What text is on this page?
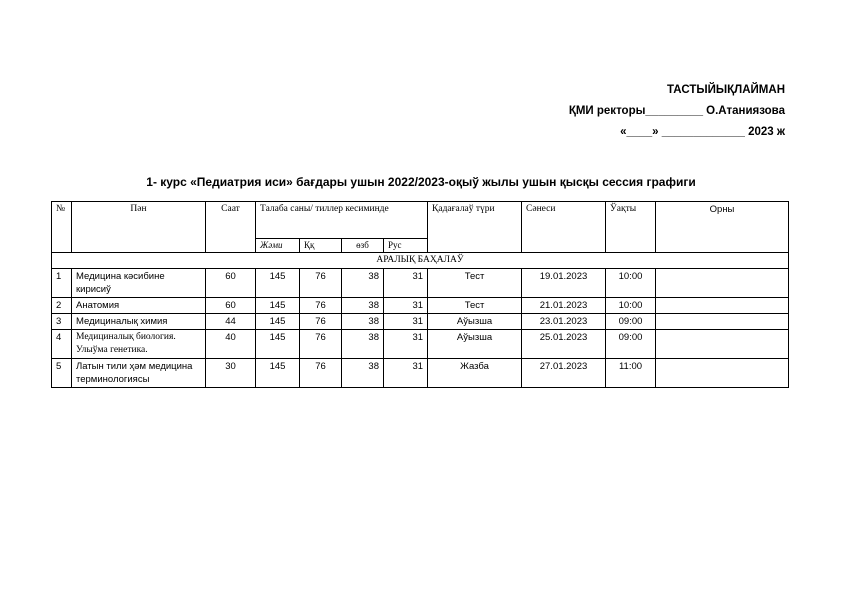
ТАСТЫЙЫҚЛАЙМАН
ҚМИ ректоры_________ О.Атаниязова
«____» _____________ 2023 ж
1- курс «Педиатрия иси» бағдары ушын 2022/2023-оқыў жылы ушын қысқы сессия графиги
№	Пән	Саат	Талаба саны/ тиллер кесиминде				Қадағалаў түри	Сәнеси	Ўақты	Орны
			Жәми	Ққ	өзб	Рус				
АРАЛЫҚ БАҲАЛАЎ										
1	Медицина кәсибине кирисиў	60	145	76	38	31	Тест	19.01.2023	10:00	
2	Анатомия	60	145	76	38	31	Тест	21.01.2023	10:00	
3	Медициналық химия	44	145	76	38	31	Аўызша	23.01.2023	09:00	
4	Медициналық биология. Улыўма генетика.	40	145	76	38	31	Аўызша	25.01.2023	09:00	
5	Латын тили ҳәм медицина терминологиясы	30	145	76	38	31	Жазба	27.01.2023	11:00	
